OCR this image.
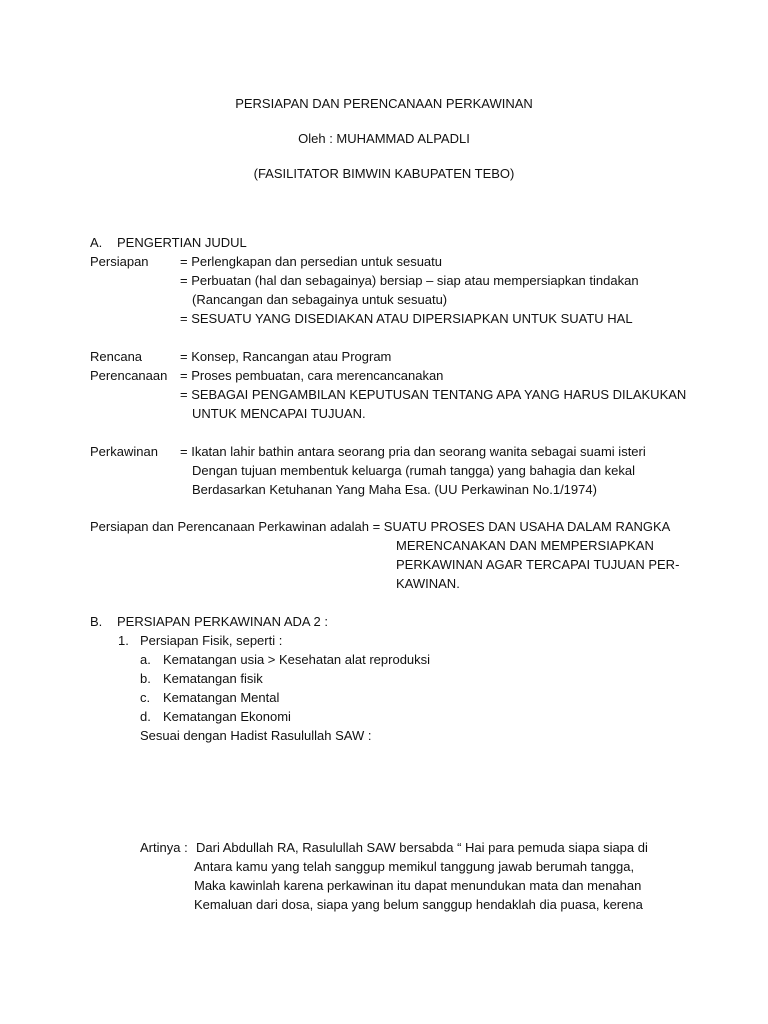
PERSIAPAN DAN PERENCANAAN PERKAWINAN
Oleh : MUHAMMAD ALPADLI
(FASILITATOR BIMWIN KABUPATEN TEBO)
A. PENGERTIAN JUDUL
Persiapan = Perlengkapan dan persedian untuk sesuatu
= Perbuatan (hal dan sebagainya) bersiap – siap atau mempersiapkan tindakan
(Rancangan dan sebagainya untuk sesuatu)
= SESUATU YANG DISEDIAKAN ATAU DIPERSIAPKAN UNTUK SUATU HAL
Rencana	= Konsep, Rancangan atau Program
Perencanaan = Proses pembuatan, cara merencancanakan
= SEBAGAI PENGAMBILAN KEPUTUSAN TENTANG APA YANG HARUS DILAKUKAN
UNTUK MENCAPAI TUJUAN.
Perkawinan = Ikatan lahir bathin antara seorang pria dan seorang wanita sebagai suami isteri
Dengan tujuan membentuk keluarga (rumah tangga) yang bahagia dan kekal
Berdasarkan Ketuhanan Yang Maha Esa. (UU Perkawinan No.1/1974)
Persiapan dan Perencanaan Perkawinan adalah = SUATU PROSES DAN USAHA DALAM RANGKA
MERENCANAKAN DAN MEMPERSIAPKAN
PERKAWINAN AGAR TERCAPAI TUJUAN PER-
KAWINAN.
B. PERSIAPAN PERKAWINAN ADA 2 :
1. Persiapan Fisik, seperti :
a. Kematangan usia > Kesehatan alat reproduksi
b. Kematangan fisik
c. Kematangan Mental
d. Kematangan Ekonomi
Sesuai dengan Hadist Rasulullah SAW :
Artinya : Dari Abdullah RA, Rasulullah SAW bersabda “ Hai para pemuda siapa siapa di
Antara kamu yang telah sanggup memikul tanggung jawab berumah tangga,
Maka kawinlah karena perkawinan itu dapat menundukan mata dan menahan
Kemaluan dari dosa, siapa yang belum sanggup hendaklah dia puasa, kerena
